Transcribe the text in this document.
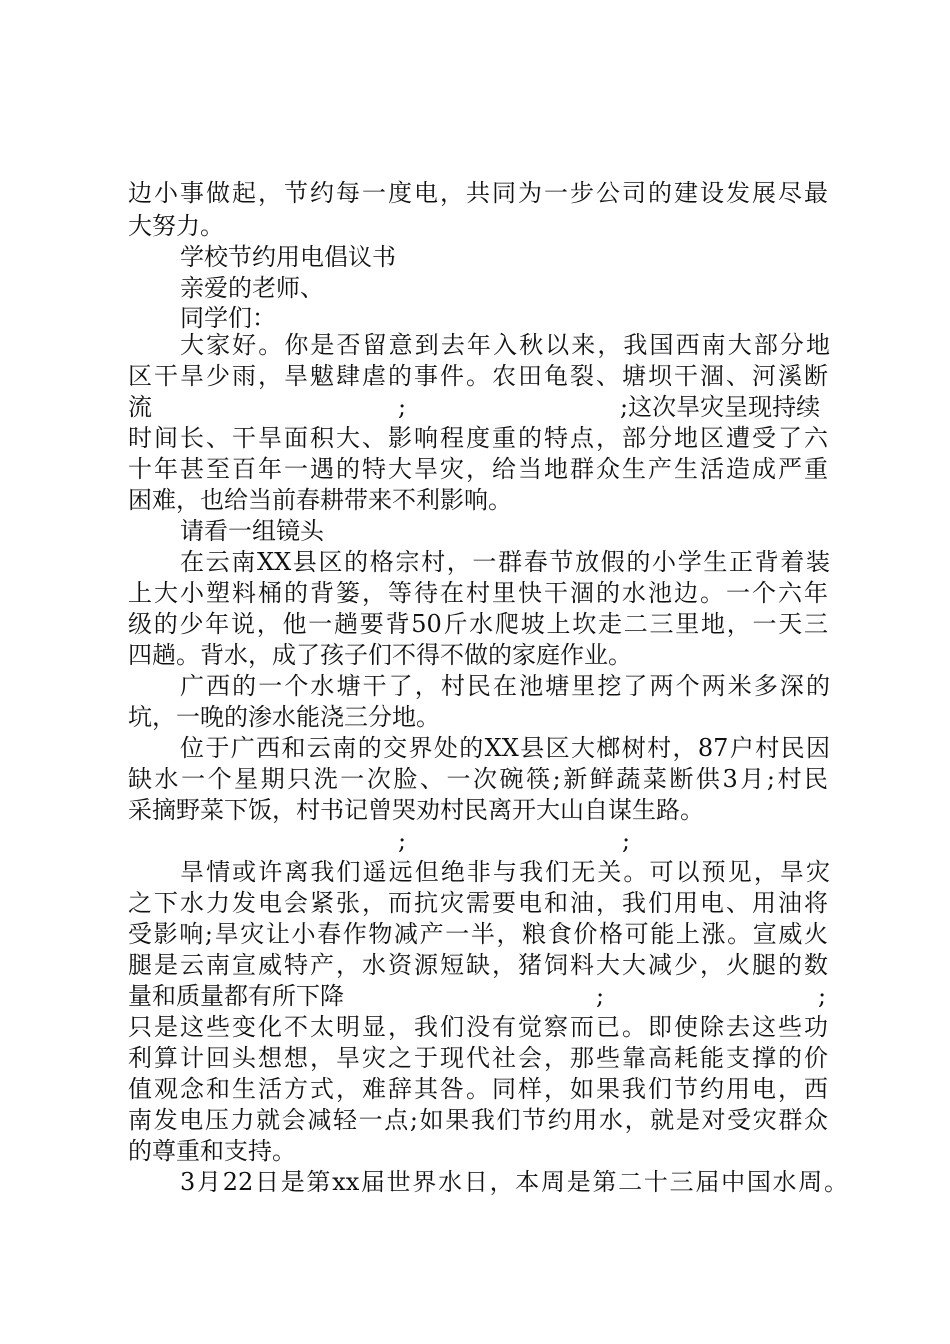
边小事做起，节约每一度电，共同为一步公司的建设发展尽最
大努力。
学校节约用电倡议书
亲爱的老师、
同学们：
大家好。你是否留意到去年入秋以来，我国西南大部分地
区干旱少雨，旱魃肆虐的事件。农田龟裂、塘坝干涸、河溪断
流	;	;这次旱灾呈现持续
时间长、干旱面积大、影响程度重的特点，部分地区遭受了六
十年甚至百年一遇的特大旱灾，给当地群众生产生活造成严重
困难，也给当前春耕带来不利影响。
请看一组镜头
在云南XX县区的格宗村，一群春节放假的小学生正背着装
上大小塑料桶的背篓，等待在村里快干涸的水池边。一个六年
级的少年说，他一趟要背50斤水爬坡上坎走二三里地，一天三
四趟。背水，成了孩子们不得不做的家庭作业。
广西的一个水塘干了，村民在池塘里挖了两个两米多深的
坑，一晚的渗水能浇三分地。
位于广西和云南的交界处的XX县区大榔树村，87户村民因
缺水一个星期只洗一次脸、一次碗筷;新鲜蔬菜断供3月;村民
采摘野菜下饭，村书记曾哭劝村民离开大山自谋生路。
;	;
旱情或许离我们遥远但绝非与我们无关。可以预见，旱灾
之下水力发电会紧张，而抗灾需要电和油，我们用电、用油将
受影响;旱灾让小春作物减产一半，粮食价格可能上涨。宣威火
腿是云南宣威特产，水资源短缺，猪饲料大大减少，火腿的数
量和质量都有所下降	;	;
只是这些变化不太明显，我们没有觉察而已。即使除去这些功
利算计回头想想，旱灾之于现代社会，那些靠高耗能支撑的价
值观念和生活方式，难辞其咎。同样，如果我们节约用电，西
南发电压力就会减轻一点;如果我们节约用水，就是对受灾群众
的尊重和支持。
3月22日是第xx届世界水日，本周是第二十三届中国水周。
